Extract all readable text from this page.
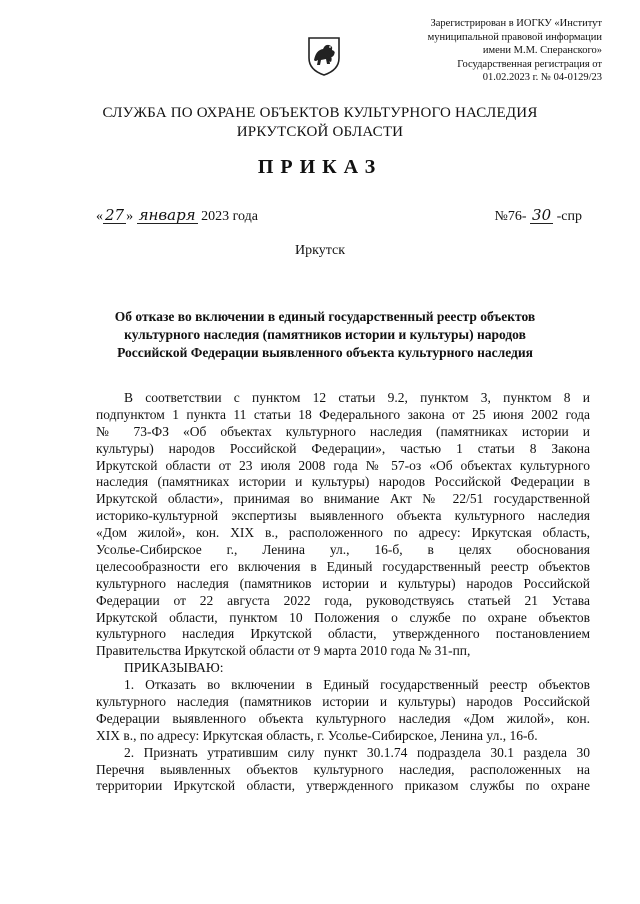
Зарегистрирован в ИОГКУ «Институт
муниципальной правовой информации
имени М.М. Сперанского»
Государственная регистрация от
01.02.2023 г. № 04-0129/23
СЛУЖБА ПО ОХРАНЕ ОБЪЕКТОВ КУЛЬТУРНОГО НАСЛЕДИЯ
ИРКУТСКОЙ ОБЛАСТИ
ПРИКАЗ
« 27 » января 2023 года	№76- 30 -спр
Иркутск
Об отказе во включении в единый государственный реестр объектов
культурного наследия (памятников истории и культуры) народов
Российской Федерации выявленного объекта культурного наследия
В соответствии с пунктом 12 статьи 9.2, пунктом 3, пунктом 8 и
подпунктом 1 пункта 11 статьи 18 Федерального закона от 25 июня 2002 года
№ 73-ФЗ «Об объектах культурного наследия (памятниках истории и
культуры) народов Российской Федерации», частью 1 статьи 8 Закона
Иркутской области от 23 июля 2008 года № 57-оз «Об объектах культурного
наследия (памятниках истории и культуры) народов Российской Федерации в
Иркутской области», принимая во внимание Акт № 22/51 государственной
историко-культурной экспертизы выявленного объекта культурного наследия
«Дом жилой», кон. XIX в., расположенного по адресу: Иркутская область,
Усолье-Сибирское г., Ленина ул., 16-б, в целях обоснования
целесообразности его включения в Единый государственный реестр объектов
культурного наследия (памятников истории и культуры) народов Российской
Федерации от 22 августа 2022 года, руководствуясь статьей 21 Устава
Иркутской области, пунктом 10 Положения о службе по охране объектов
культурного наследия Иркутской области, утвержденного постановлением
Правительства Иркутской области от 9 марта 2010 года № 31-пп,
ПРИКАЗЫВАЮ:
1. Отказать во включении в Единый государственный реестр объектов
культурного наследия (памятников истории и культуры) народов Российской
Федерации выявленного объекта культурного наследия «Дом жилой», кон.
XIX в., по адресу: Иркутская область, г. Усолье-Сибирское, Ленина ул., 16-б.
2. Признать утратившим силу пункт 30.1.74 подраздела 30.1 раздела 30
Перечня выявленных объектов культурного наследия, расположенных на
территории Иркутской области, утвержденного приказом службы по охране
